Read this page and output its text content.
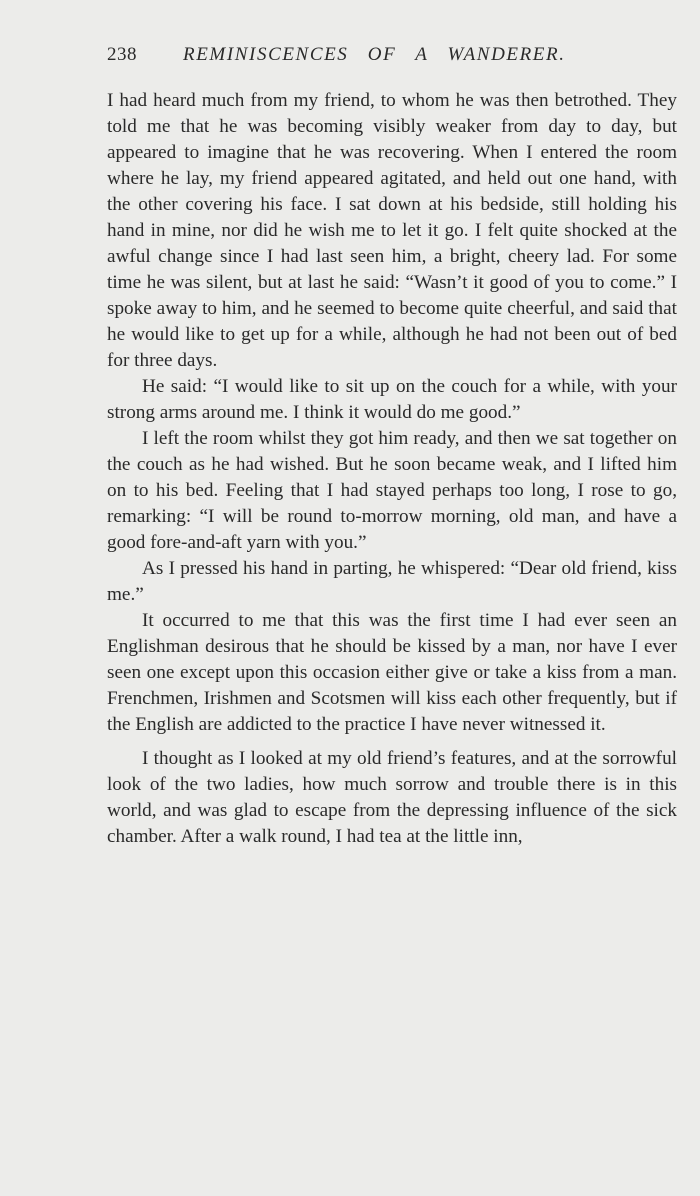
238 REMINISCENCES OF A WANDERER.

I had heard much from my friend, to whom he was then betrothed. They told me that he was becoming visibly weaker from day to day, but appeared to imagine that he was recovering. When I entered the room where he lay, my friend appeared agitated, and held out one hand, with the other covering his face. I sat down at his bedside, still holding his hand in mine, nor did he wish me to let it go. I felt quite shocked at the awful change since I had last seen him, a bright, cheery lad. For some time he was silent, but at last he said: “Wasn’t it good of you to come.” I spoke away to him, and he seemed to become quite cheerful, and said that he would like to get up for a while, although he had not been out of bed for three days.

He said: “I would like to sit up on the couch for a while, with your strong arms around me. I think it would do me good.”

I left the room whilst they got him ready, and then we sat together on the couch as he had wished. But he soon became weak, and I lifted him on to his bed. Feeling that I had stayed perhaps too long, I rose to go, remarking: “I will be round to-morrow morning, old man, and have a good fore-and-aft yarn with you.”

As I pressed his hand in parting, he whispered: “Dear old friend, kiss me.”

It occurred to me that this was the first time I had ever seen an Englishman desirous that he should be kissed by a man, nor have I ever seen one except upon this occasion either give or take a kiss from a man. Frenchmen, Irishmen and Scotsmen will kiss each other frequently, but if the English are addicted to the practice I have never witnessed it.

I thought as I looked at my old friend’s features, and at the sorrowful look of the two ladies, how much sorrow and trouble there is in this world, and was glad to escape from the depressing influence of the sick chamber. After a walk round, I had tea at the little inn,
